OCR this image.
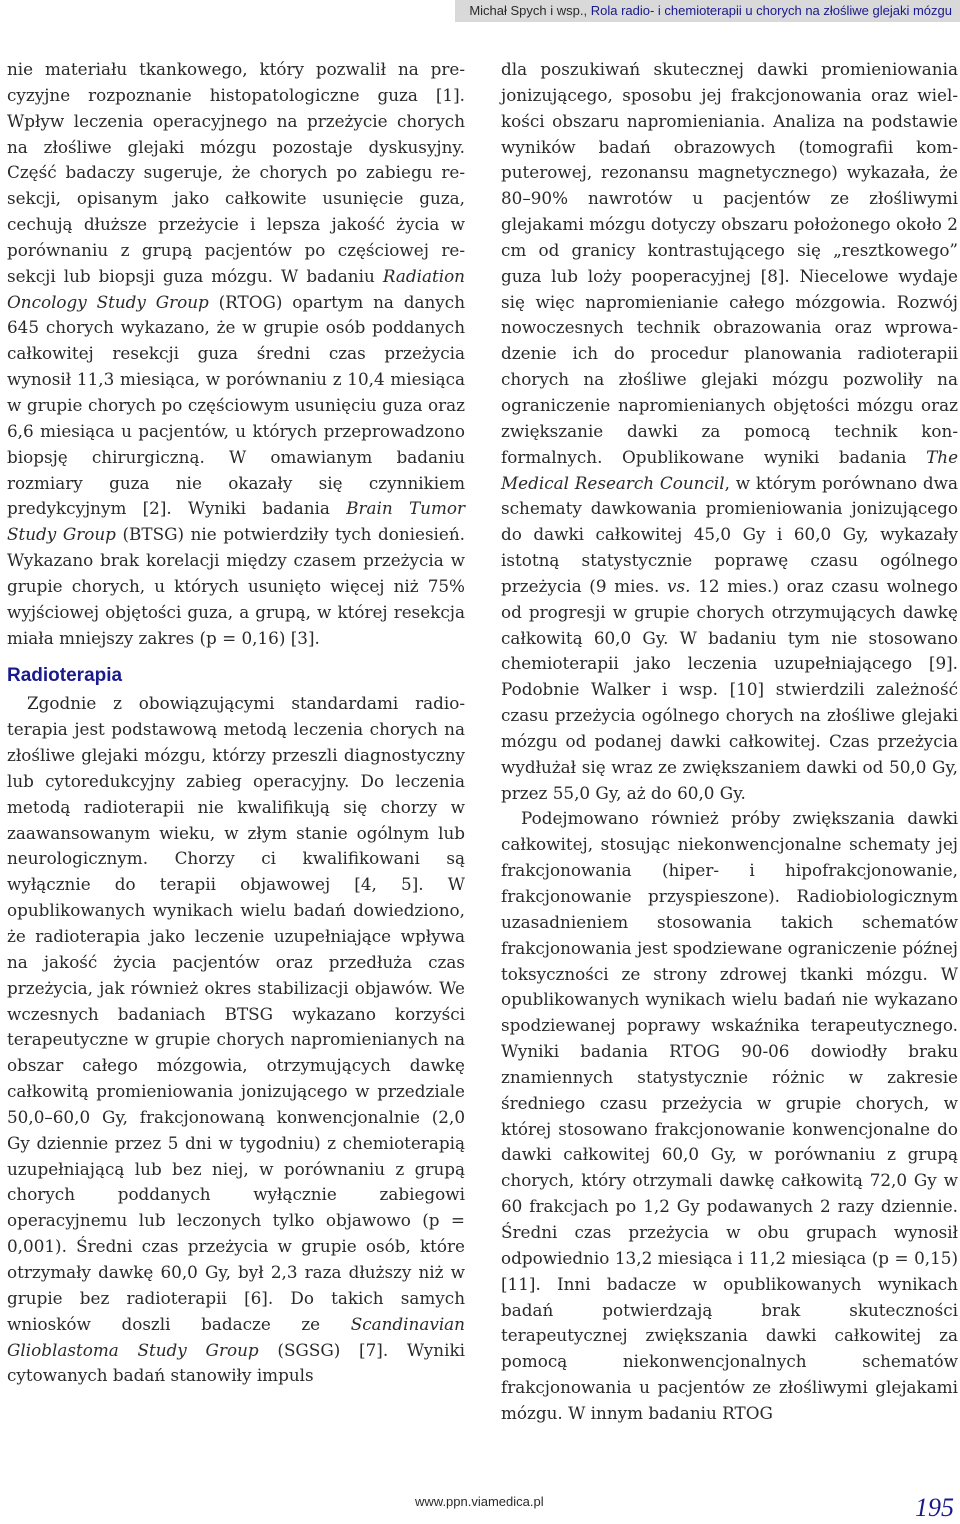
Michał Spych i wsp., Rola radio- i chemioterapii u chorych na złośliwe glejaki mózgu

nie materiału tkankowego, który pozwalił na precyzyjne rozpoznanie histopatologiczne guza [1]. Wpływ leczenia operacyjnego na przeżycie chorych na złośliwe glejaki mózgu pozostaje dyskusyjny. Część badaczy sugeruje, że chorych po zabiegu resekcji, opisanym jako całkowite usunięcie guza, cechują dłuższe przeżycie i lepsza jakość życia w porównaniu z grupą pacjentów po częściowej resekcji lub biopsji guza mózgu. W badaniu Radiation Oncology Study Group (RTOG) opartym na danych 645 chorych wykazano, że w grupie osób poddanych całkowitej resekcji guza średni czas przeżycia wynosił 11,3 miesiąca, w porównaniu z 10,4 miesiąca w grupie chorych po częściowym usunięciu guza oraz 6,6 miesiąca u pacjentów, u których przeprowadzono biopsję chirurgiczną. W omawianym badaniu rozmiary guza nie okazały się czynnikiem predykcyjnym [2]. Wyniki badania Brain Tumor Study Group (BTSG) nie potwierdziły tych doniesień. Wykazano brak korelacji między czasem przeżycia w grupie chorych, u których usunięto więcej niż 75% wyjściowej objętości guza, a grupą, w której resekcja miała mniejszy zakres (p = 0,16) [3].

Radioterapia

Zgodnie z obowiązującymi standardami radioterapia jest podstawową metodą leczenia chorych na złośliwe glejaki mózgu, którzy przeszli diagnostyczny lub cytoredukcyjny zabieg operacyjny. Do leczenia metodą radioterapii nie kwalifikują się chorzy w zaawansowanym wieku, w złym stanie ogólnym lub neurologicznym. Chorzy ci kwalifikowani są wyłącznie do terapii objawowej [4, 5]. W opublikowanych wynikach wielu badań dowiedziono, że radioterapia jako leczenie uzupełniające wpływa na jakość życia pacjentów oraz przedłuża czas przeżycia, jak również okres stabilizacji objawów. We wczesnych badaniach BTSG wykazano korzyści terapeutyczne w grupie chorych napromienianych na obszar całego mózgowia, otrzymujących dawkę całkowitą promieniowania jonizującego w przedziale 50,0–60,0 Gy, frakcjonowaną konwencjonalnie (2,0 Gy dziennie przez 5 dni w tygodniu) z chemioterapią uzupełniającą lub bez niej, w porównaniu z grupą chorych poddanych wyłącznie zabiegowi operacyjnemu lub leczonych tylko objawowo (p = 0,001). Średni czas przeżycia w grupie osób, które otrzymały dawkę 60,0 Gy, był 2,3 raza dłuższy niż w grupie bez radioterapii [6]. Do takich samych wniosków doszli badacze ze Scandinavian Glioblastoma Study Group (SGSG) [7]. Wyniki cytowanych badań stanowiły impuls

dla poszukiwań skutecznej dawki promieniowania jonizującego, sposobu jej frakcjonowania oraz wielkości obszaru napromieniania. Analiza na podstawie wyników badań obrazowych (tomografii komputerowej, rezonansu magnetycznego) wykazała, że 80–90% nawrotów u pacjentów ze złośliwymi glejakami mózgu dotyczy obszaru położonego około 2 cm od granicy kontrastującego się „resztkowego” guza lub loży pooperacyjnej [8]. Niecelowe wydaje się więc napromienianie całego mózgowia. Rozwój nowoczesnych technik obrazowania oraz wprowadzenie ich do procedur planowania radioterapii chorych na złośliwe glejaki mózgu pozwoliły na ograniczenie napromienianych objętości mózgu oraz zwiększanie dawki za pomocą technik konformalnych. Opublikowane wyniki badania The Medical Research Council, w którym porównano dwa schematy dawkowania promieniowania jonizującego do dawki całkowitej 45,0 Gy i 60,0 Gy, wykazały istotną statystycznie poprawę czasu ogólnego przeżycia (9 mies. vs. 12 mies.) oraz czasu wolnego od progresji w grupie chorych otrzymujących dawkę całkowitą 60,0 Gy. W badaniu tym nie stosowano chemioterapii jako leczenia uzupełniającego [9]. Podobnie Walker i wsp. [10] stwierdzili zależność czasu przeżycia ogólnego chorych na złośliwe glejaki mózgu od podanej dawki całkowitej. Czas przeżycia wydłużał się wraz ze zwiększaniem dawki od 50,0 Gy, przez 55,0 Gy, aż do 60,0 Gy.

Podejmowano również próby zwiększania dawki całkowitej, stosując niekonwencjonalne schematy jej frakcjonowania (hiper- i hipofrakcjonowanie, frakcjonowanie przyspieszone). Radiobiologicznym uzasadnieniem stosowania takich schematów frakcjonowania jest spodziewane ograniczenie późnej toksyczności ze strony zdrowej tkanki mózgu. W opublikowanych wynikach wielu badań nie wykazano spodziewanej poprawy wskaźnika terapeutycznego. Wyniki badania RTOG 90-06 dowiodły braku znamiennych statystycznie różnic w zakresie średniego czasu przeżycia w grupie chorych, w której stosowano frakcjonowanie konwencjonalne do dawki całkowitej 60,0 Gy, w porównaniu z grupą chorych, który otrzymali dawkę całkowitą 72,0 Gy w 60 frakcjach po 1,2 Gy podawanych 2 razy dziennie. Średni czas przeżycia w obu grupach wynosił odpowiednio 13,2 miesiąca i 11,2 miesiąca (p = 0,15) [11]. Inni badacze w opublikowanych wynikach badań potwierdzają brak skuteczności terapeutycznej zwiększania dawki całkowitej za pomocą niekonwencjonalnych schematów frakcjonowania u pacjentów ze złośliwymi glejakami mózgu. W innym badaniu RTOG

www.ppn.viamedica.pl	195
